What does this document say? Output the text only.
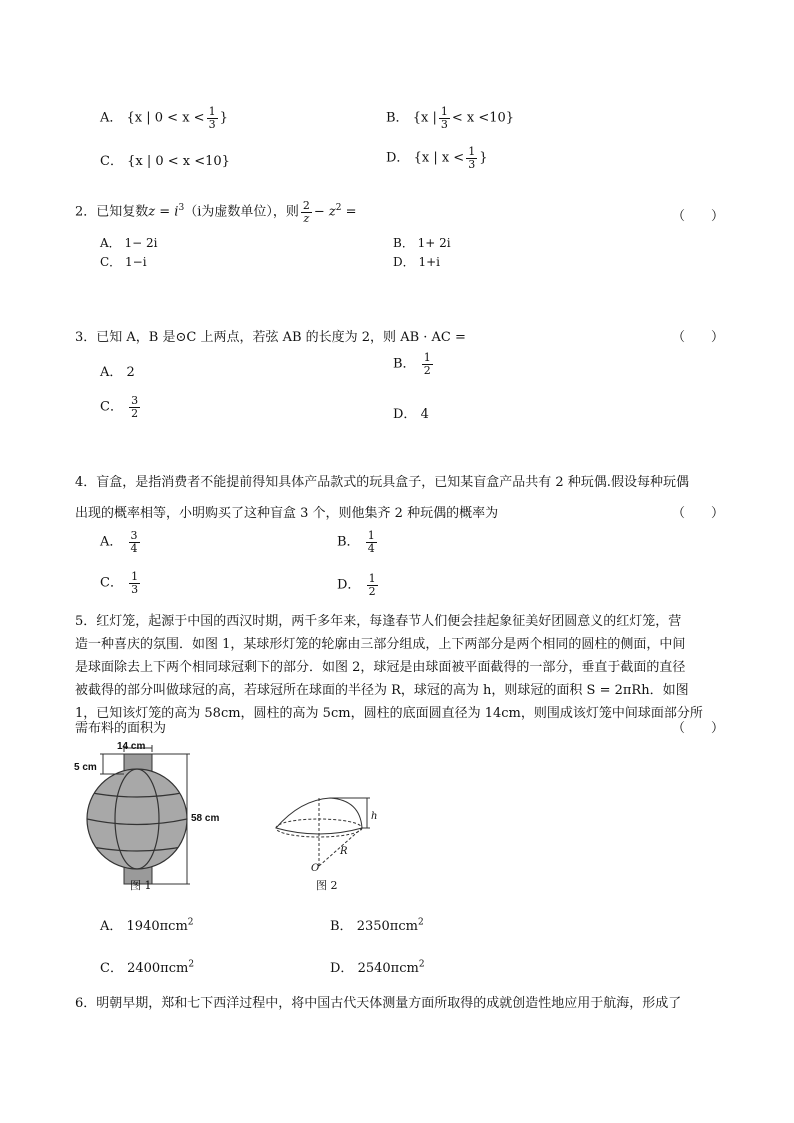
A． {x | $0 < x < \frac{1}{3}$ }	B． {x | $\frac{1}{3} < x <10$}
C． {x | 0 < x <10}	D． {x | $x < \frac{1}{3}$ }
2．已知复数$z = i^3(i$为虚数单位），则 $\frac{2}{z} - z^2$ =	（　　）
A． 1− 2i	B． 1+ 2i
C． 1−i	D． 1+i
3．已知 A，B 是⊙C 上两点，若弦 AB 的长度为 2，则 AB · AC =	（　　）
A． 2
B． $\frac{1}{2}$
C． $\frac{3}{2}$	D． 4
4．盲盒，是指消费者不能提前得知具体产品款式的玩具盒子，已知某盲盒产品共有 2 种玩偶.假设每种玩偶
出现的概率相等，小明购买了这种盲盒 3 个，则他集齐 2 种玩偶的概率为	（　　）
A． $\frac{3}{4}$	B． $\frac{1}{4}$
C． $\frac{1}{3}$	D． $\frac{1}{2}$
5．红灯笼，起源于中国的西汉时期，两千多年来，每逢春节人们便会挂起象征美好团圆意义的红灯笼，营
造一种喜庆的氛围．如图 1，某球形灯笼的轮廓由三部分组成，上下两部分是两个相同的圆柱的侧面，中间
是球面除去上下两个相同球冠剩下的部分．如图 2，球冠是由球面被平面截得的一部分，垂直于截面的直径
被截得的部分叫做球冠的高，若球冠所在球面的半径为 R，球冠的高为 h，则球冠的面积 S = 2πRh．如图
1，已知该灯笼的高为 58cm，圆柱的高为 5cm，圆柱的底面圆直径为 14cm，则围成该灯笼中间球面部分所
需布料的面积为	（　　）
14 cm
5 cm
58 cm
图 1
h
R
O
图 2
A． 1940πcm$^2$	B． 2350πcm$^2$
C． 2400πcm$^2$	D． 2540πcm$^2$
6．明朝早期，郑和七下西洋过程中，将中国古代天体测量方面所取得的成就创造性地应用于航海，形成了
